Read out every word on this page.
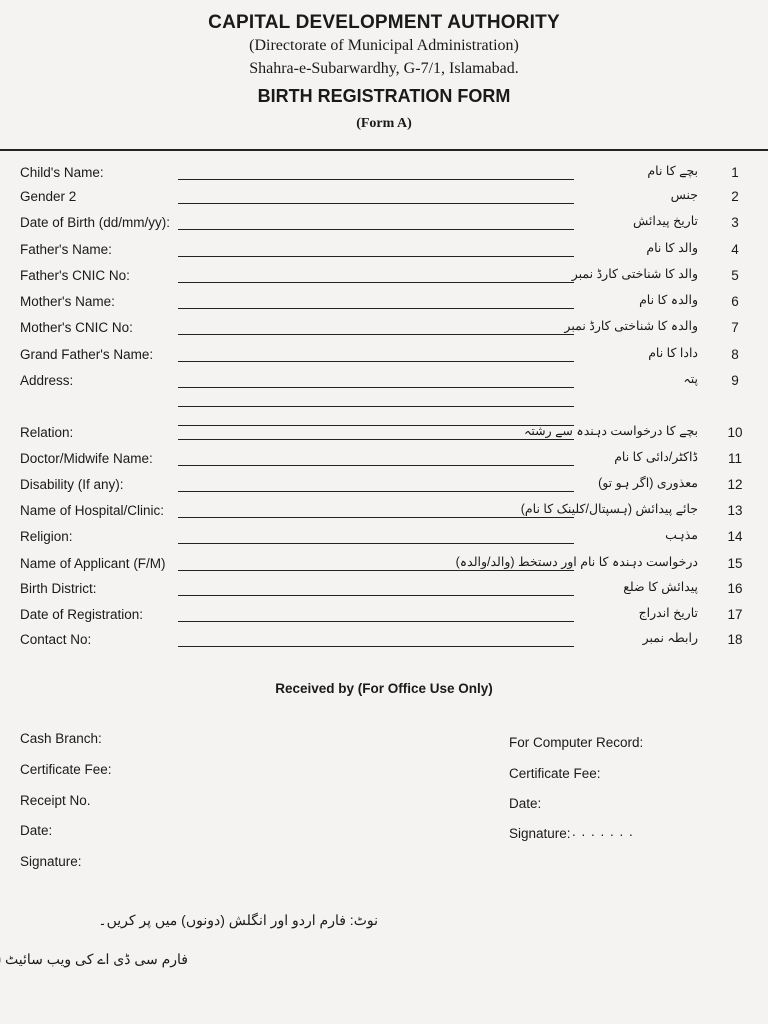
CAPITAL DEVELOPMENT AUTHORITY
(Directorate of Municipal Administration)
Shahra-e-Subarwardhy, G-7/1, Islamabad.
BIRTH REGISTRATION FORM
(Form A)
Child's Name:	بچے کا نام	1
Gender 2	جنس	2
Date of Birth (dd/mm/yy):	تاریخ پیدائش	3
Father's Name:	والد کا نام	4
Father's CNIC No:	والد کا شناختی کارڈ نمبر	5
Mother's Name:	والدہ کا نام	6
Mother's CNIC No:	والدہ کا شناختی کارڈ نمبر	7
Grand Father's Name:	دادا کا نام	8
Address:	پتہ	9
Relation:	بچے کا درخواست دہندہ سے رشتہ	10
Doctor/Midwife Name:	ڈاکٹر/دائی کا نام	11
Disability (If any):	معذوری (اگر ہو تو)	12
Name of Hospital/Clinic:	جائے پیدائش (ہسپتال/کلینک کا نام)	13
Religion:	مذہب	14
Name of Applicant (F/M)	درخواست دہندہ کا نام اور دستخط (والد/والدہ)	15
Birth District:	پیدائش کا ضلع	16
Date of Registration:	تاریخ اندراج	17
Contact No:	رابطہ نمبر	18
Received by (For Office Use Only)
Cash Branch:
Certificate Fee:
Receipt No.
Date:
Signature:
For Computer Record:
Certificate Fee:
Date:
Signature: . . . . . . .
نوٹ: فارم اردو اور انگلش (دونوں) میں پر کریں۔
فارم سی ڈی اے کی ویب سائیٹ
